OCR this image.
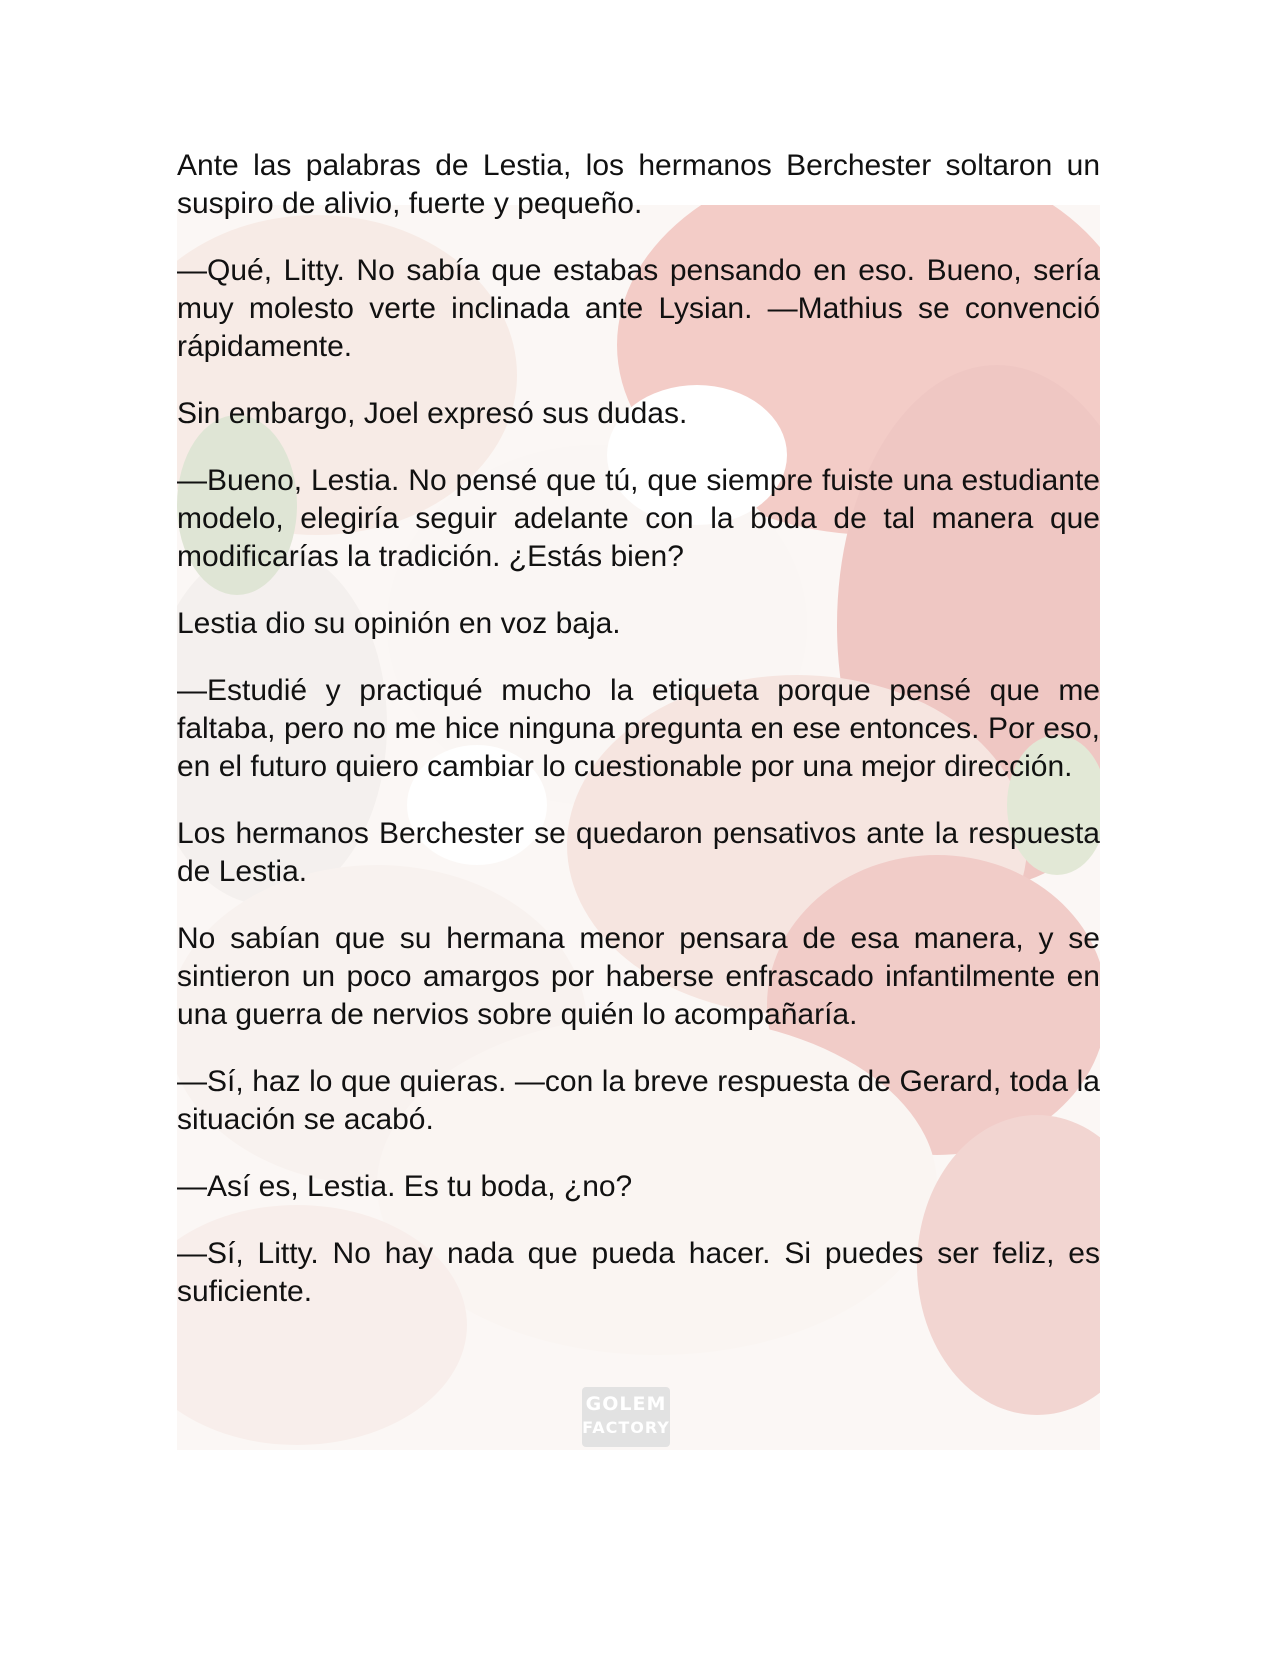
GOLEM
FACTORY

Ante las palabras de Lestia, los hermanos Berchester soltaron un suspiro de alivio, fuerte y pequeño.

—Qué, Litty. No sabía que estabas pensando en eso. Bueno, sería muy molesto verte inclinada ante Lysian. —Mathius se convenció rápidamente.

Sin embargo, Joel expresó sus dudas.

—Bueno, Lestia. No pensé que tú, que siempre fuiste una estudiante modelo, elegiría seguir adelante con la boda de tal manera que modificarías la tradición. ¿Estás bien?

Lestia dio su opinión en voz baja.

—Estudié y practiqué mucho la etiqueta porque pensé que me faltaba, pero no me hice ninguna pregunta en ese entonces. Por eso, en el futuro quiero cambiar lo cuestionable por una mejor dirección.

Los hermanos Berchester se quedaron pensativos ante la respuesta de Lestia.

No sabían que su hermana menor pensara de esa manera, y se sintieron un poco amargos por haberse enfrascado infantilmente en una guerra de nervios sobre quién lo acompañaría.

—Sí, haz lo que quieras. —con la breve respuesta de Gerard, toda la situación se acabó.

—Así es, Lestia. Es tu boda, ¿no?

—Sí, Litty. No hay nada que pueda hacer. Si puedes ser feliz, es suficiente.
